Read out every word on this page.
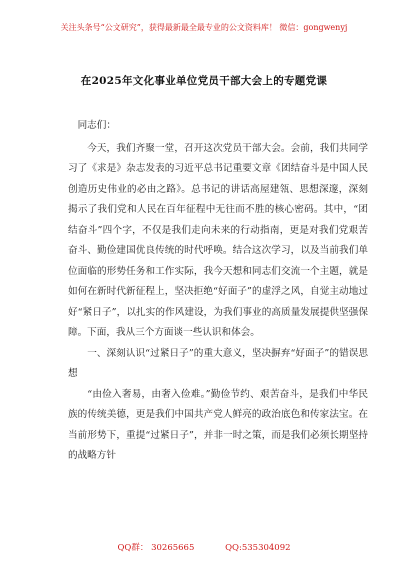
关注头条号“公文研究”，获得最新最全最专业的公文资料库！ 微信：gongwenyj
在2025年文化事业单位党员干部大会上的专题党课

同志们：

今天，我们齐聚一堂，召开这次党员干部大会。会前，我们共同学习了《求是》杂志发表的习近平总书记重要文章《团结奋斗是中国人民创造历史伟业的必由之路》。总书记的讲话高屋建瓴、思想深邃，深刻揭示了我们党和人民在百年征程中无往而不胜的核心密码。其中，“团结奋斗”四个字，不仅是我们走向未来的行动指南，更是对我们党艰苦奋斗、勤俭建国优良传统的时代呼唤。结合这次学习，以及当前我们单位面临的形势任务和工作实际，我今天想和同志们交流一个主题，就是如何在新时代新征程上，坚决拒绝“好面子”的虚浮之风，自觉主动地过好“紧日子”，以扎实的作风建设，为我们事业的高质量发展提供坚强保障。下面，我从三个方面谈一些认识和体会。

一、深刻认识“过紧日子”的重大意义，坚决摒弃“好面子”的错误思想

“由俭入奢易，由奢入俭难。”勤俭节约、艰苦奋斗，是我们中华民族的传统美德，更是我们中国共产党人鲜亮的政治底色和传家法宝。在当前形势下，重提“过紧日子”，并非一时之策，而是我们必须长期坚持的战略方针

QQ群： 30265665	QQ:535304092
